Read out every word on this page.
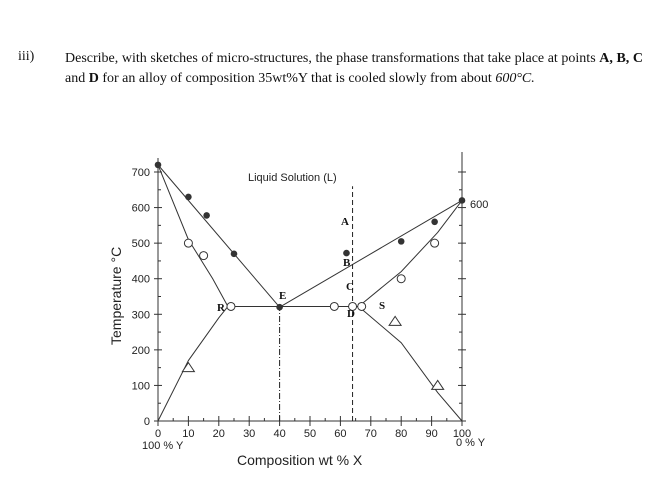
iii) Describe, with sketches of micro-structures, the phase transformations that take place at points A, B, C and D for an alloy of composition 35wt%Y that is cooled slowly from about 600°C.
0 10 20 30 40 50 60 70 80 90 100
0
100
200
300
400
500
600
700	Liquid Solution (L)
A
B
C
D
E
R	S
600
100 % Y	0 % Y
Composition wt % X
Temperature °C
